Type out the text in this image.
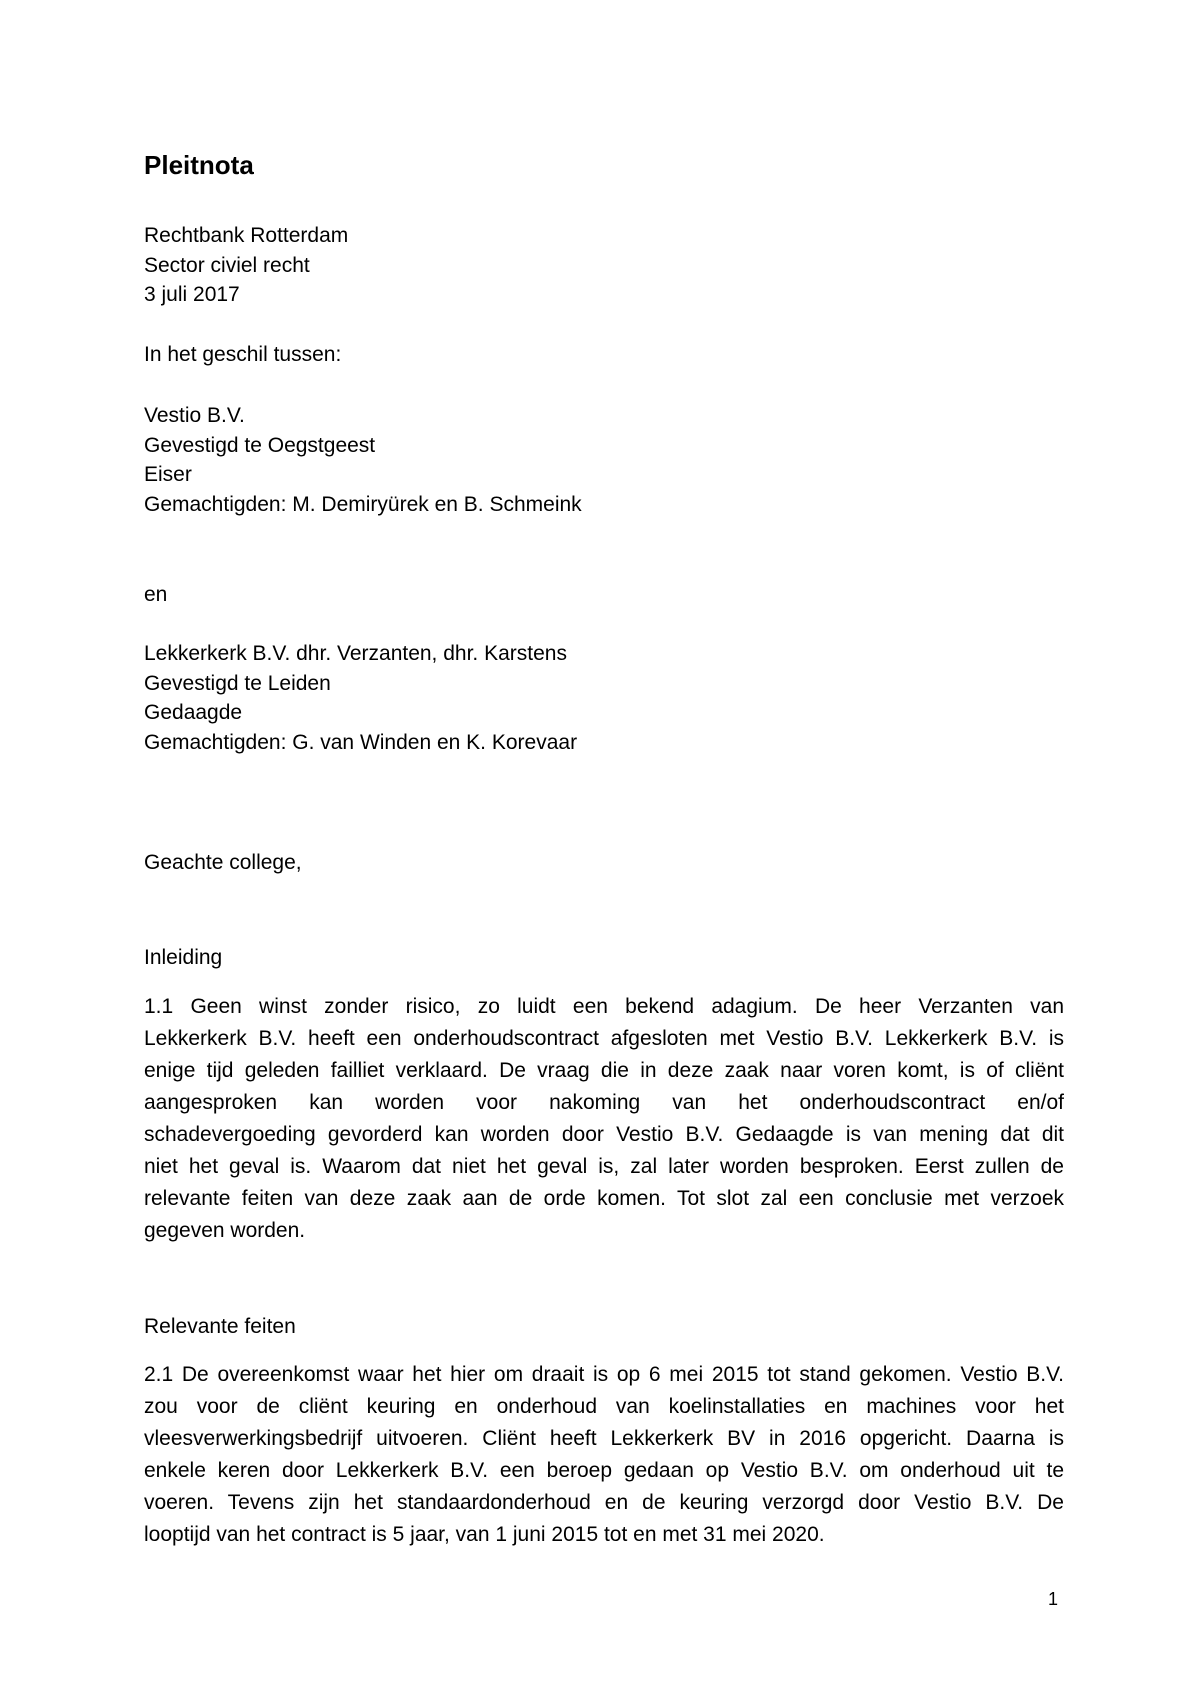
Pleitnota
Rechtbank Rotterdam
Sector civiel recht
3 juli 2017
In het geschil tussen:
Vestio B.V.
Gevestigd te Oegstgeest
Eiser
Gemachtigden: M. Demiryürek en B. Schmeink
en
Lekkerkerk B.V. dhr. Verzanten, dhr. Karstens
Gevestigd te Leiden
Gedaagde
Gemachtigden: G. van Winden en K. Korevaar
Geachte college,
Inleiding
1.1 Geen winst zonder risico, zo luidt een bekend adagium. De heer Verzanten van
Lekkerkerk B.V. heeft een onderhoudscontract afgesloten met Vestio B.V. Lekkerkerk B.V. is
enige tijd geleden failliet verklaard. De vraag die in deze zaak naar voren komt, is of cliënt
aangesproken kan worden voor nakoming van het onderhoudscontract en/of
schadevergoeding gevorderd kan worden door Vestio B.V. Gedaagde is van mening dat dit
niet het geval is. Waarom dat niet het geval is, zal later worden besproken. Eerst zullen de
relevante feiten van deze zaak aan de orde komen. Tot slot zal een conclusie met verzoek
gegeven worden.
Relevante feiten
2.1 De overeenkomst waar het hier om draait is op 6 mei 2015 tot stand gekomen. Vestio B.V.
zou voor de cliënt keuring en onderhoud van koelinstallaties en machines voor het
vleesverwerkingsbedrijf uitvoeren. Cliënt heeft Lekkerkerk BV in 2016 opgericht. Daarna is
enkele keren door Lekkerkerk B.V. een beroep gedaan op Vestio B.V. om onderhoud uit te
voeren. Tevens zijn het standaardonderhoud en de keuring verzorgd door Vestio B.V. De
looptijd van het contract is 5 jaar, van 1 juni 2015 tot en met 31 mei 2020.
1
